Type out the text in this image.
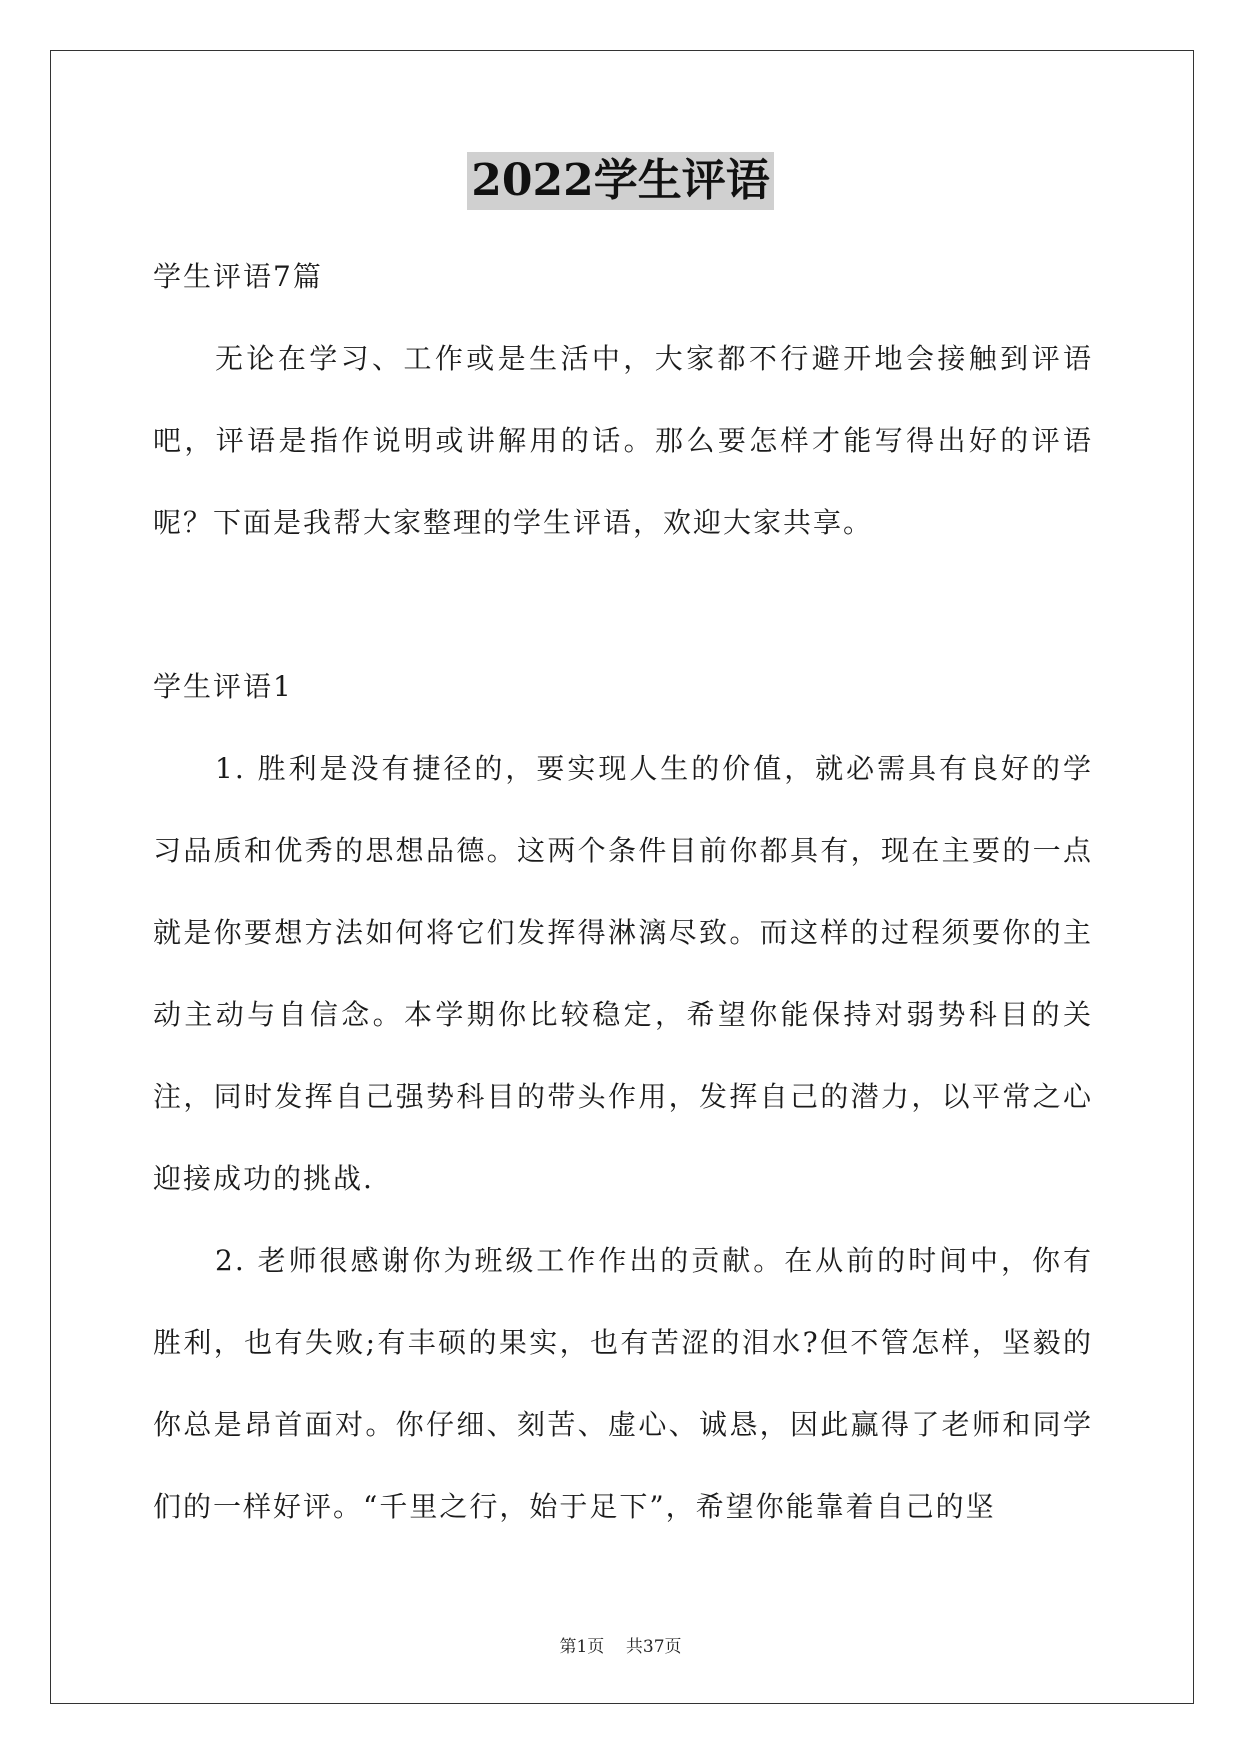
2022学生评语

学生评语7篇

无论在学习、工作或是生活中，大家都不行避开地会接触到评语吧，评语是指作说明或讲解用的话。那么要怎样才能写得出好的评语呢？下面是我帮大家整理的学生评语，欢迎大家共享。

学生评语1

1. 胜利是没有捷径的，要实现人生的价值，就必需具有良好的学习品质和优秀的思想品德。这两个条件目前你都具有，现在主要的一点就是你要想方法如何将它们发挥得淋漓尽致。而这样的过程须要你的主动主动与自信念。本学期你比较稳定，希望你能保持对弱势科目的关注，同时发挥自己强势科目的带头作用，发挥自己的潜力，以平常之心迎接成功的挑战.

2. 老师很感谢你为班级工作作出的贡献。在从前的时间中，你有胜利，也有失败;有丰硕的果实，也有苦涩的泪水?但不管怎样，坚毅的你总是昂首面对。你仔细、刻苦、虚心、诚恳，因此赢得了老师和同学们的一样好评。“千里之行，始于足下”，希望你能靠着自己的坚

第1页 共37页
